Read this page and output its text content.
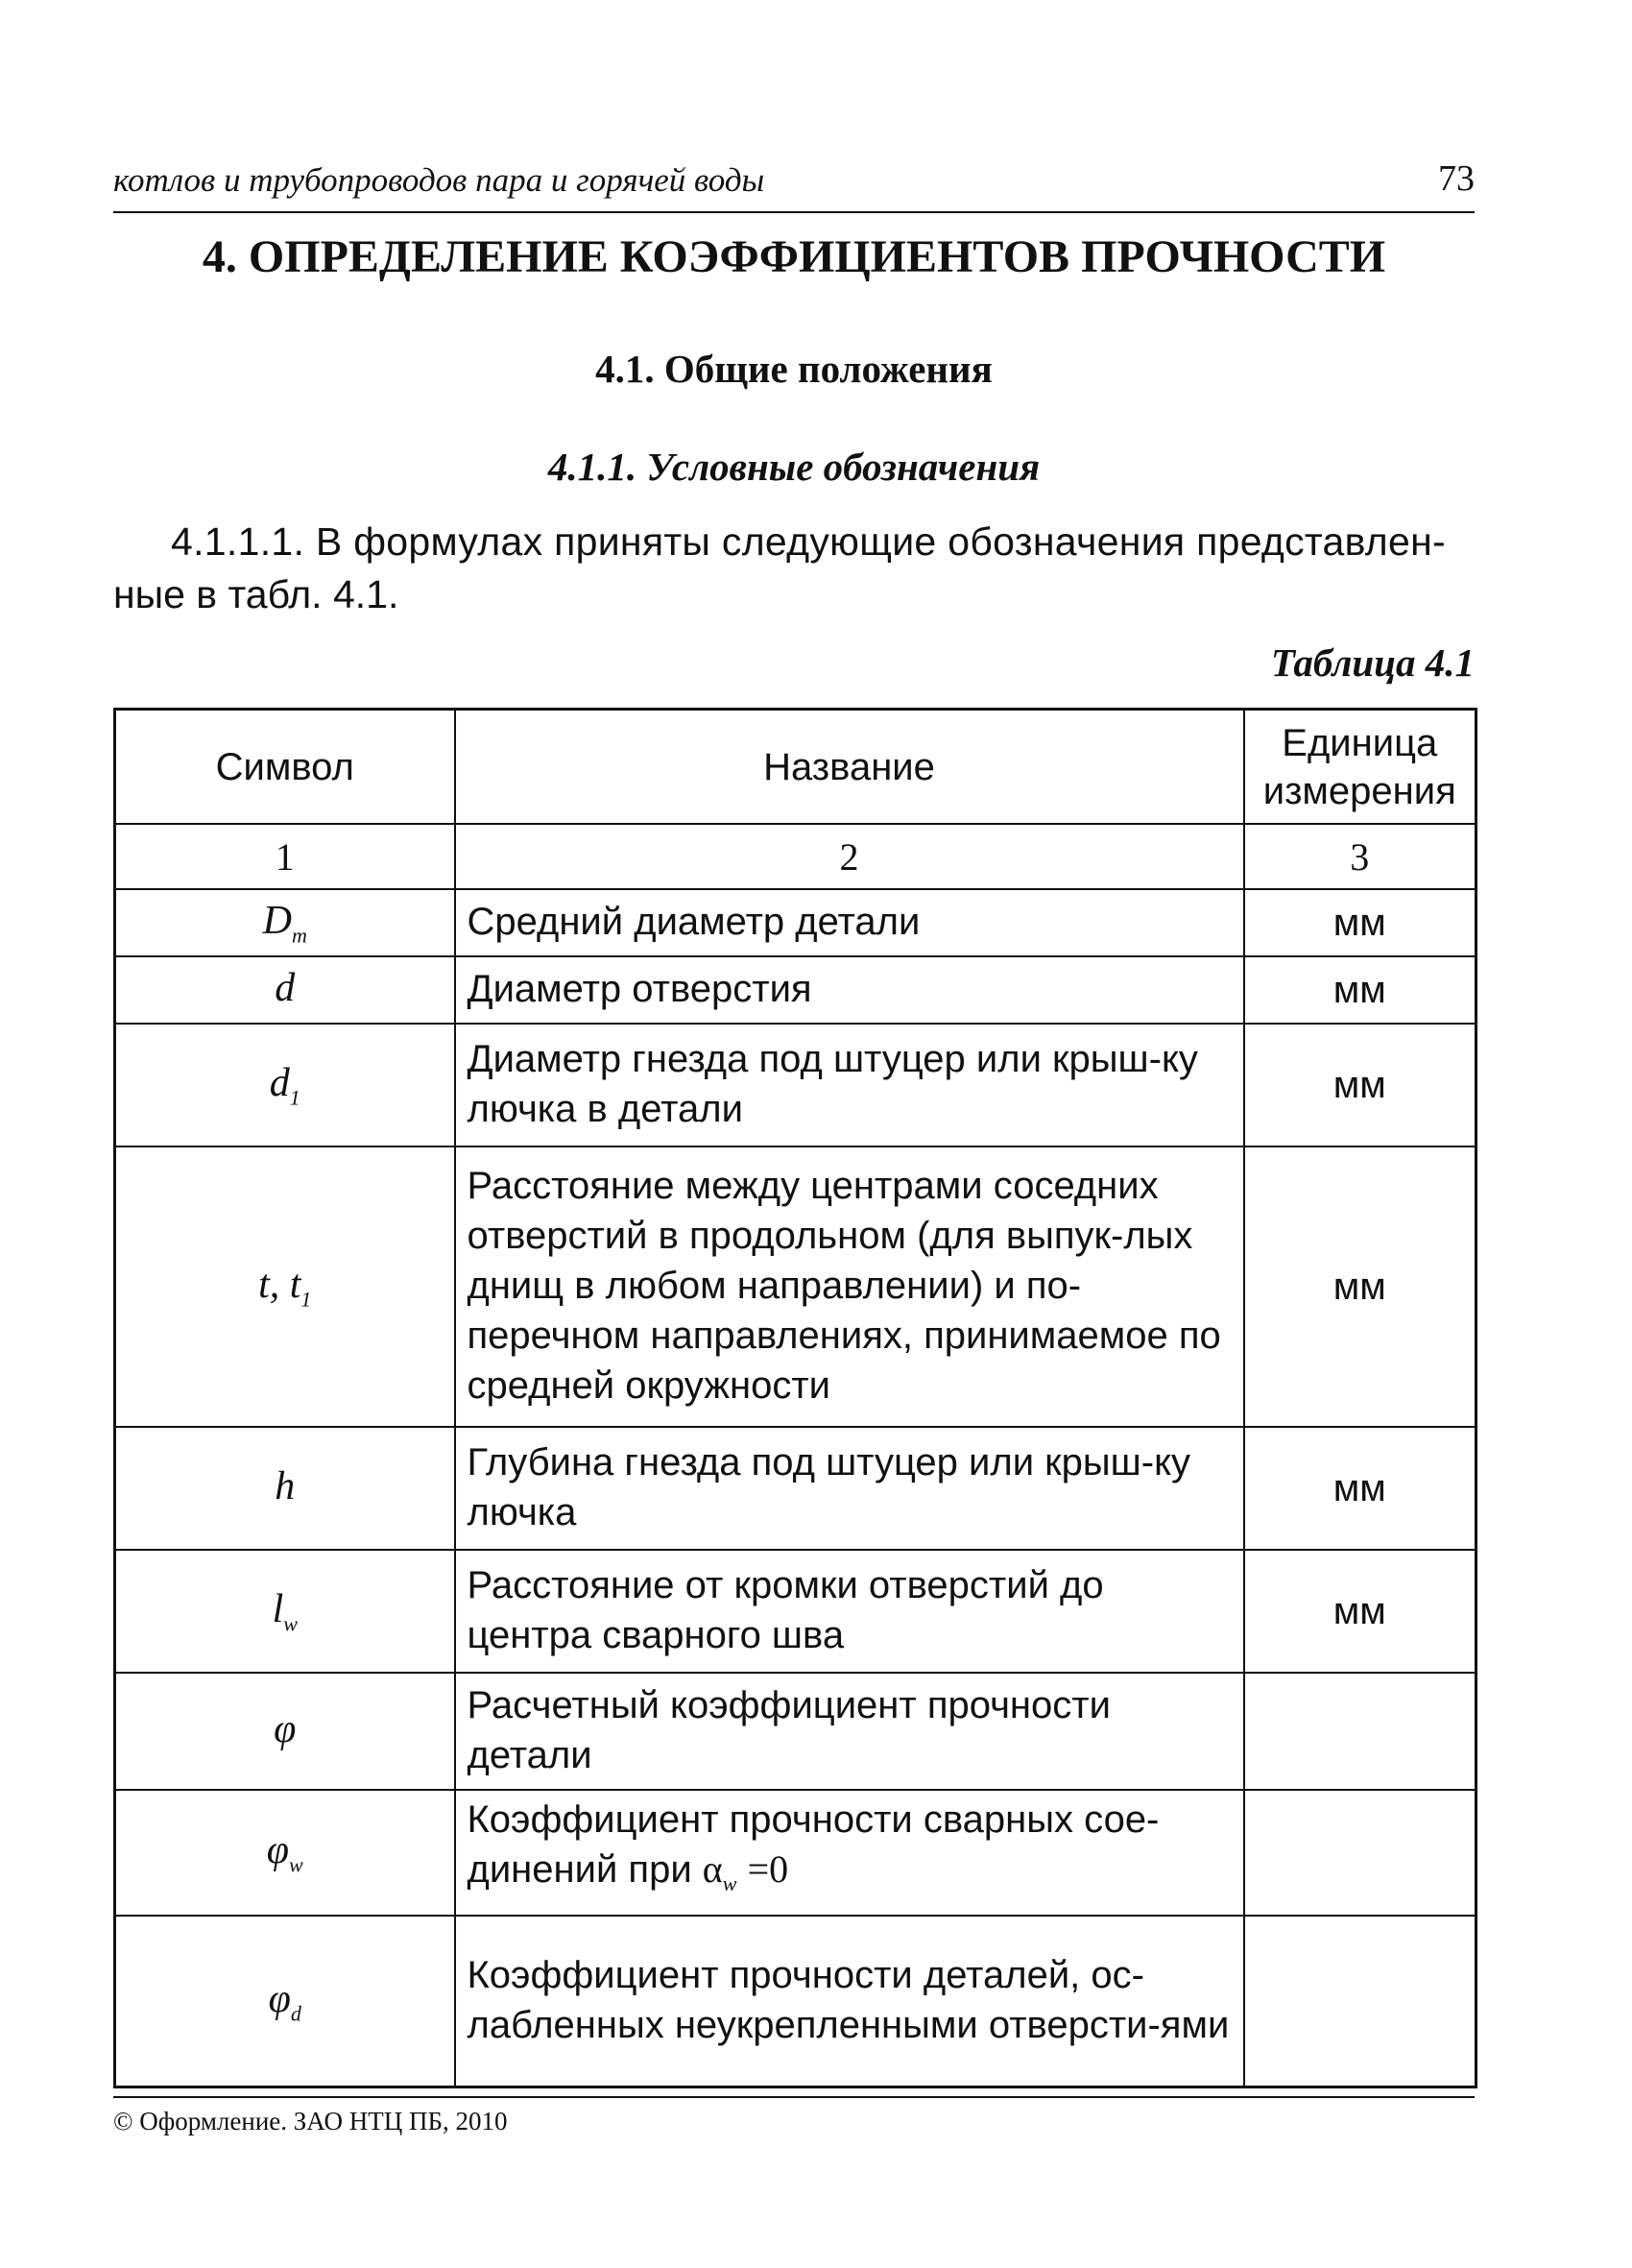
котлов и трубопроводов пара и горячей воды	73
4. ОПРЕДЕЛЕНИЕ КОЭФФИЦИЕНТОВ ПРОЧНОСТИ
4.1. Общие положения
4.1.1. Условные обозначения
4.1.1.1. В формулах приняты следующие обозначения представлен-
ные в табл. 4.1.
Таблица 4.1
Символ	Название	Единица измерения
1	2	3
$D_m$	Средний диаметр детали	мм
d	Диаметр отверстия	мм
$d_1$	Диаметр гнезда под штуцер или крыш-ку лючка в детали	мм
t, $t_1$	Расстояние между центрами соседних отверстий в продольном (для выпук-лых днищ в любом направлении) и по-перечном направлениях, принимаемое по средней окружности	мм
h	Глубина гнезда под штуцер или крыш-ку лючка	мм
$l_w$	Расстояние от кромки отверстий до центра сварного шва	мм
φ	Расчетный коэффициент прочности детали	
$\varphi_w$	Коэффициент прочности сварных сое-динений при $\alpha_w =0$	
$\varphi_d$	Коэффициент прочности деталей, ос-лабленных неукрепленными отверсти-ями	
© Оформление. ЗАО НТЦ ПБ, 2010
